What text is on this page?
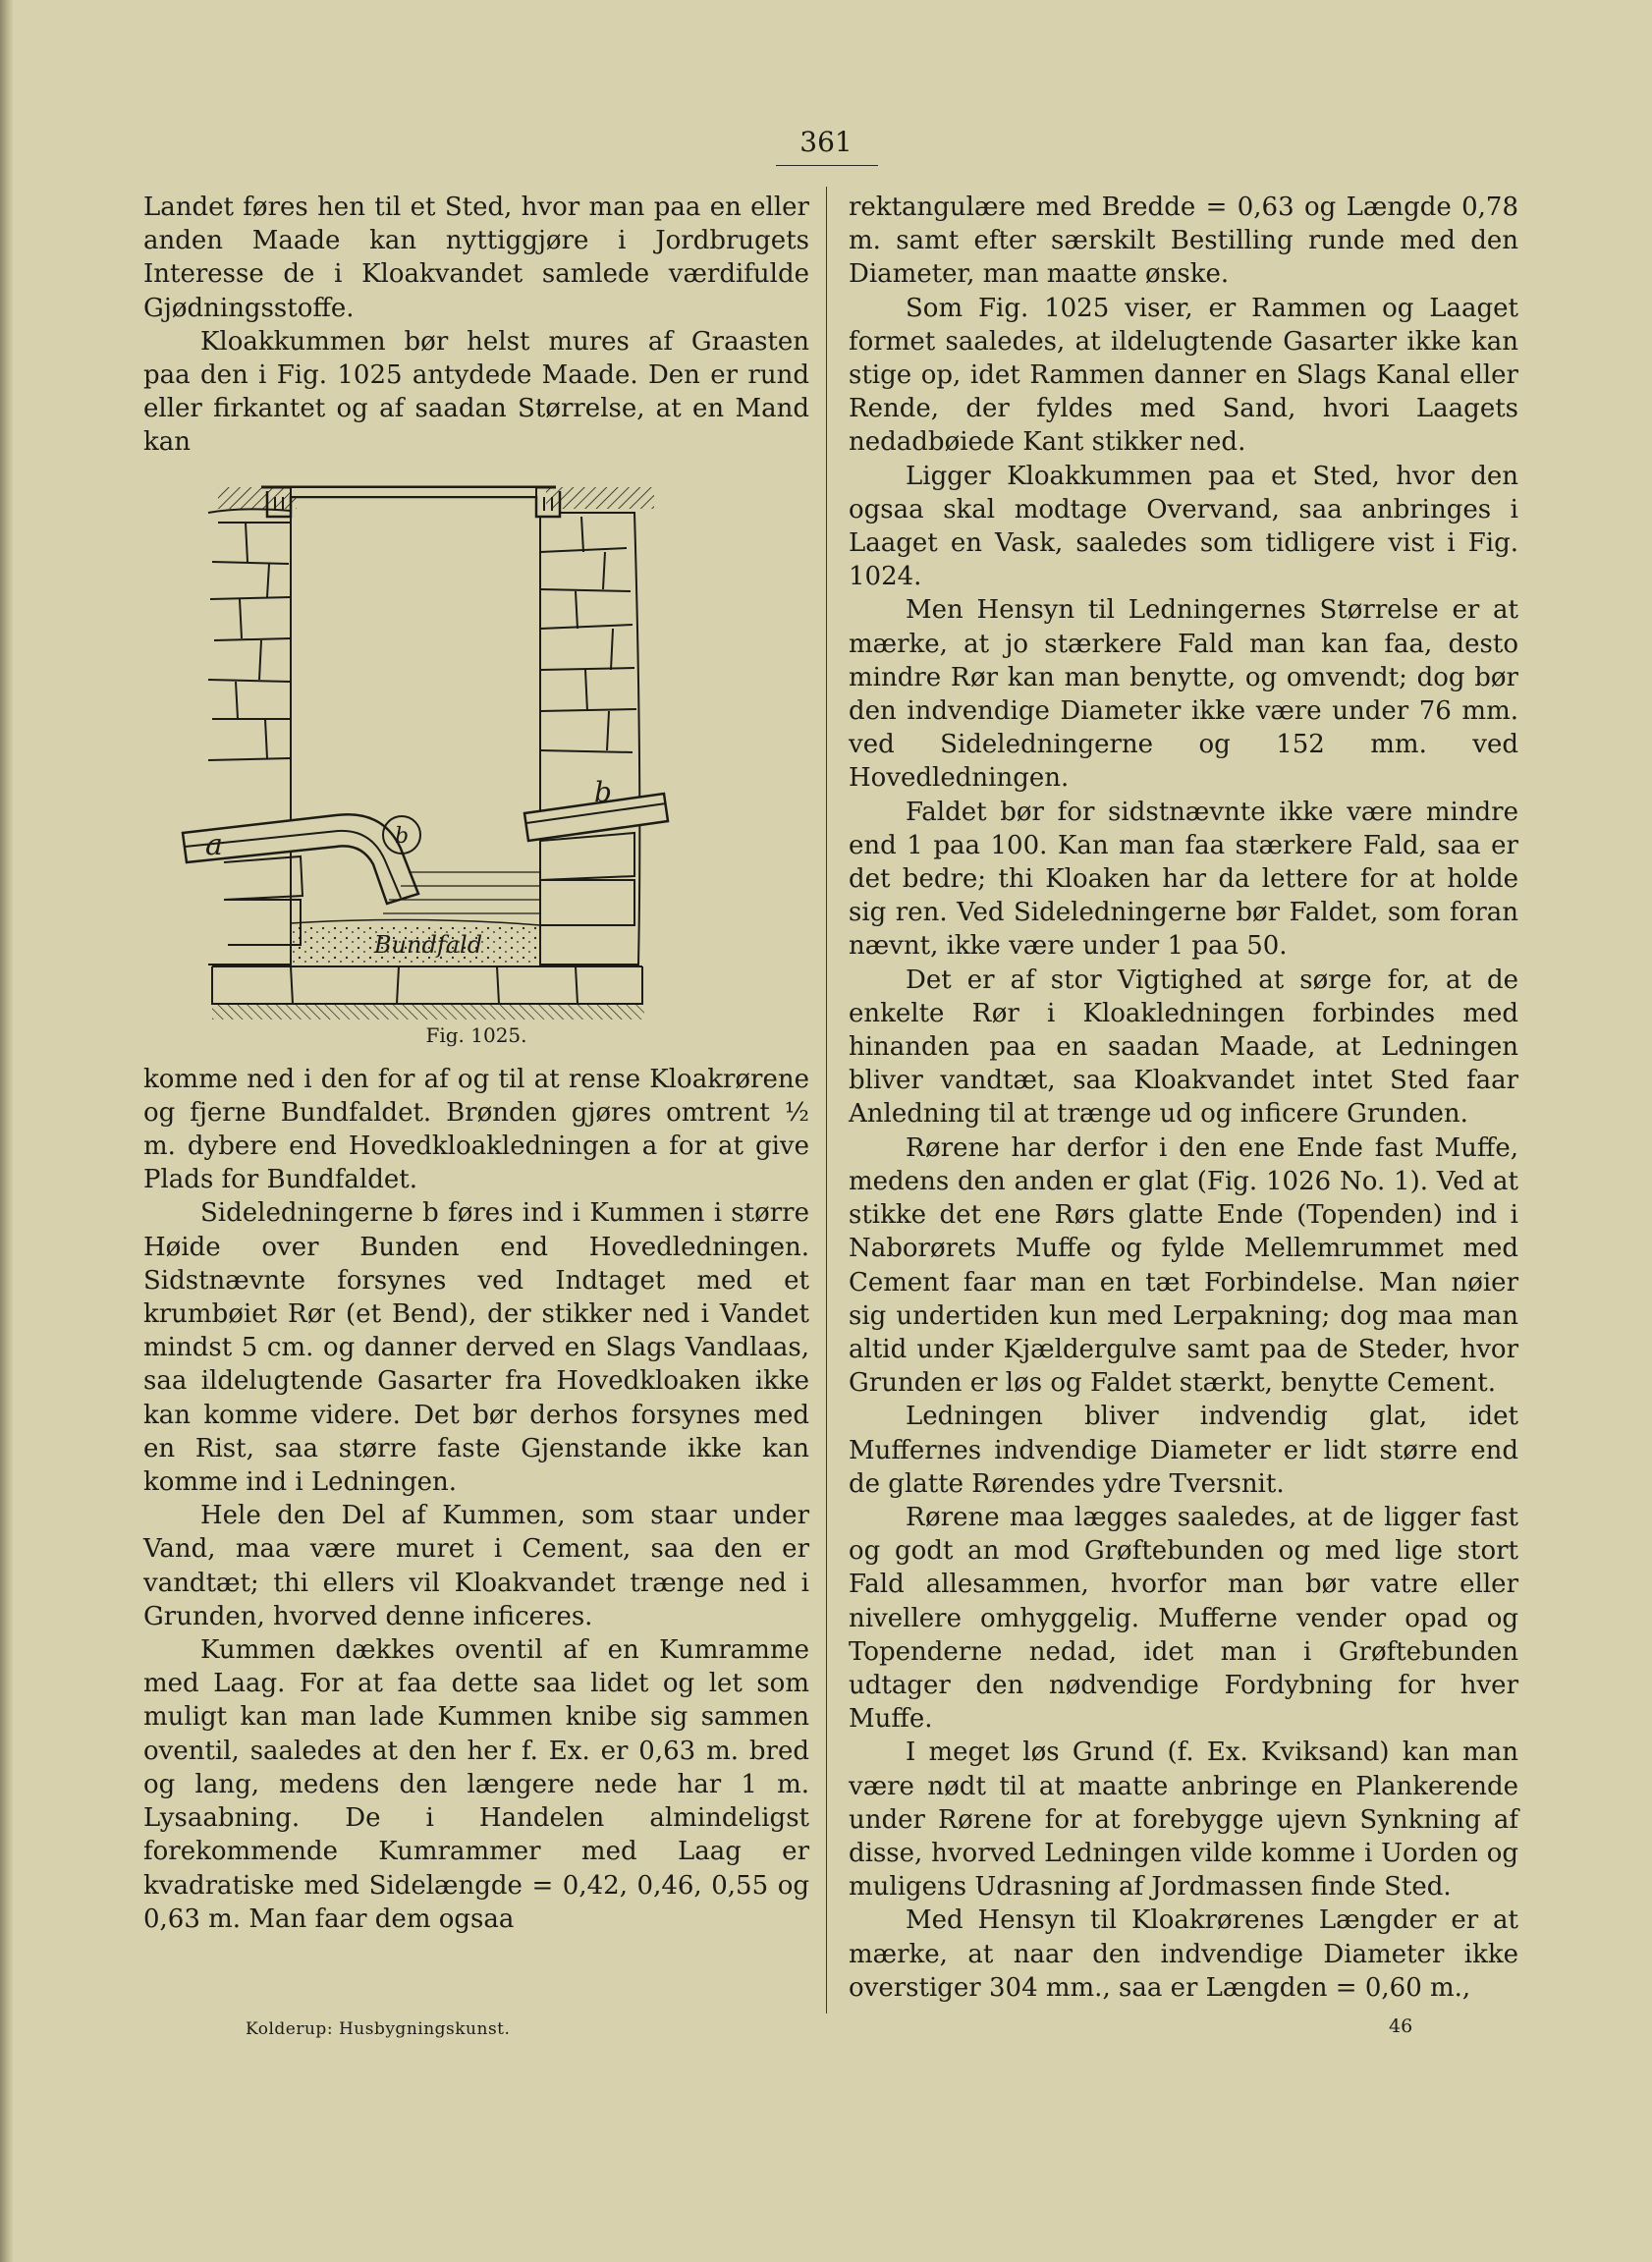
361

Landet føres hen til et Sted, hvor man paa en eller anden Maade kan nyttiggjøre i Jordbrugets Interesse de i Kloakvandet samlede værdifulde Gjødningsstoffe.

Kloakkummen bør helst mures af Graasten paa den i Fig. 1025 antydede Maade. Den er rund eller firkantet og af saadan Størrelse, at en Mand kan

b
b
a
Bundfald
Fig. 1025.

komme ned i den for af og til at rense Kloakrørene og fjerne Bundfaldet. Brønden gjøres omtrent ½ m. dybere end Hovedkloakledningen a for at give Plads for Bundfaldet.

Sideledningerne b føres ind i Kummen i større Høide over Bunden end Hovedledningen. Sidstnævnte forsynes ved Indtaget med et krumbøiet Rør (et Bend), der stikker ned i Vandet mindst 5 cm. og danner derved en Slags Vandlaas, saa ildelugtende Gasarter fra Hovedkloaken ikke kan komme videre. Det bør derhos forsynes med en Rist, saa større faste Gjenstande ikke kan komme ind i Ledningen.

Hele den Del af Kummen, som staar under Vand, maa være muret i Cement, saa den er vandtæt; thi ellers vil Kloakvandet trænge ned i Grunden, hvorved denne inficeres.

Kummen dækkes oventil af en Kumramme med Laag. For at faa dette saa lidet og let som muligt kan man lade Kummen knibe sig sammen oventil, saaledes at den her f. Ex. er 0,63 m. bred og lang, medens den længere nede har 1 m. Lysaabning. De i Handelen almindeligst forekommende Kumrammer med Laag er kvadratiske med Sidelængde = 0,42, 0,46, 0,55 og 0,63 m. Man faar dem ogsaa

rektangulære med Bredde = 0,63 og Længde 0,78 m. samt efter særskilt Bestilling runde med den Diameter, man maatte ønske.

Som Fig. 1025 viser, er Rammen og Laaget formet saaledes, at ildelugtende Gasarter ikke kan stige op, idet Rammen danner en Slags Kanal eller Rende, der fyldes med Sand, hvori Laagets nedadbøiede Kant stikker ned.

Ligger Kloakkummen paa et Sted, hvor den ogsaa skal modtage Overvand, saa anbringes i Laaget en Vask, saaledes som tidligere vist i Fig. 1024.

Men Hensyn til Ledningernes Størrelse er at mærke, at jo stærkere Fald man kan faa, desto mindre Rør kan man benytte, og omvendt; dog bør den indvendige Diameter ikke være under 76 mm. ved Sideledningerne og 152 mm. ved Hovedledningen.

Faldet bør for sidstnævnte ikke være mindre end 1 paa 100. Kan man faa stærkere Fald, saa er det bedre; thi Kloaken har da lettere for at holde sig ren. Ved Sideledningerne bør Faldet, som foran nævnt, ikke være under 1 paa 50.

Det er af stor Vigtighed at sørge for, at de enkelte Rør i Kloakledningen forbindes med hinanden paa en saadan Maade, at Ledningen bliver vandtæt, saa Kloakvandet intet Sted faar Anledning til at trænge ud og inficere Grunden.

Rørene har derfor i den ene Ende fast Muffe, medens den anden er glat (Fig. 1026 No. 1). Ved at stikke det ene Rørs glatte Ende (Topenden) ind i Naborørets Muffe og fylde Mellemrummet med Cement faar man en tæt Forbindelse. Man nøier sig undertiden kun med Lerpakning; dog maa man altid under Kjældergulve samt paa de Steder, hvor Grunden er løs og Faldet stærkt, benytte Cement.

Ledningen bliver indvendig glat, idet Muffernes indvendige Diameter er lidt større end de glatte Rørendes ydre Tversnit.

Rørene maa lægges saaledes, at de ligger fast og godt an mod Grøftebunden og med lige stort Fald allesammen, hvorfor man bør vatre eller nivellere omhyggelig. Mufferne vender opad og Topenderne nedad, idet man i Grøftebunden udtager den nødvendige Fordybning for hver Muffe.

I meget løs Grund (f. Ex. Kviksand) kan man være nødt til at maatte anbringe en Plankerende under Rørene for at forebygge ujevn Synkning af disse, hvorved Ledningen vilde komme i Uorden og muligens Udrasning af Jordmassen finde Sted.

Med Hensyn til Kloakrørenes Længder er at mærke, at naar den indvendige Diameter ikke overstiger 304 mm., saa er Længden = 0,60 m.,

Kolderup: Husbygningskunst.	46
